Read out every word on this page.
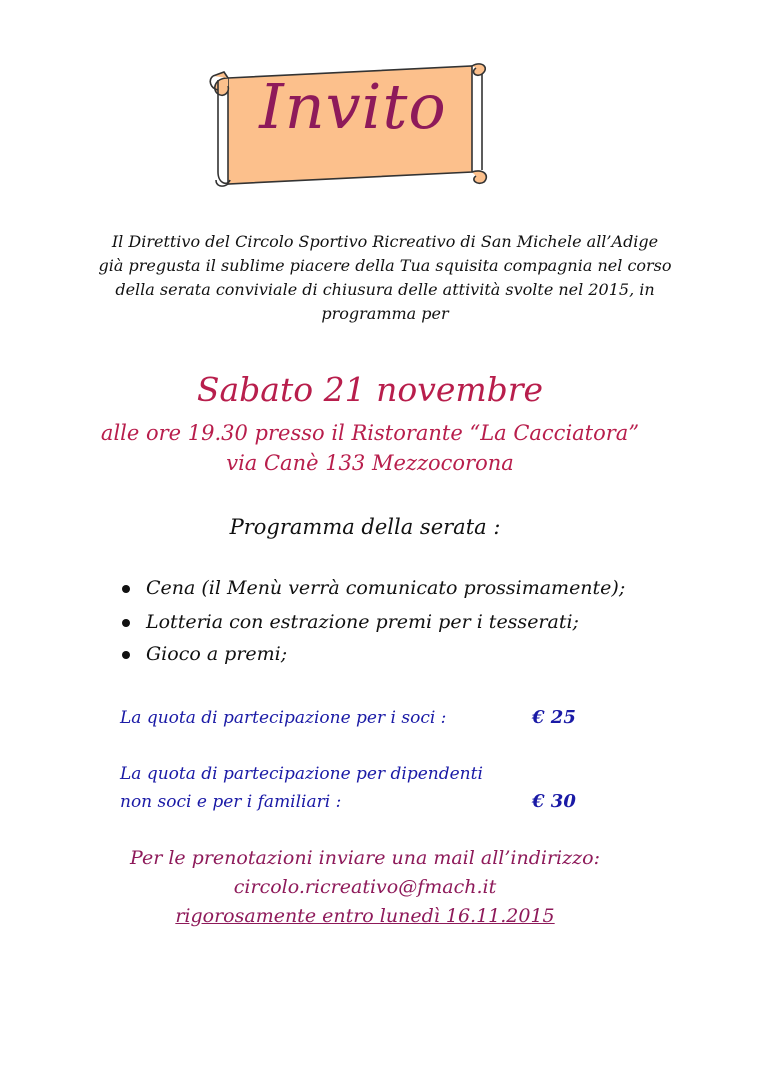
Invito
Il Direttivo del Circolo Sportivo Ricreativo di San Michele all’Adige
già pregusta il sublime piacere della Tua squisita compagnia nel corso
della serata conviviale di chiusura delle attività svolte nel 2015, in
programma per
Sabato 21 novembre
alle ore 19.30 presso il Ristorante “La Cacciatora”
via Canè 133 Mezzocorona
Programma della serata :
Cena (il Menù verrà comunicato prossimamente);
Lotteria con estrazione premi per i tesserati;
Gioco a premi;
La quota di partecipazione per i soci :	€ 25
La quota di partecipazione per dipendenti
non soci e per i familiari :	€ 30
Per le prenotazioni inviare una mail all’indirizzo:
circolo.ricreativo@fmach.it
rigorosamente entro lunedì 16.11.2015
